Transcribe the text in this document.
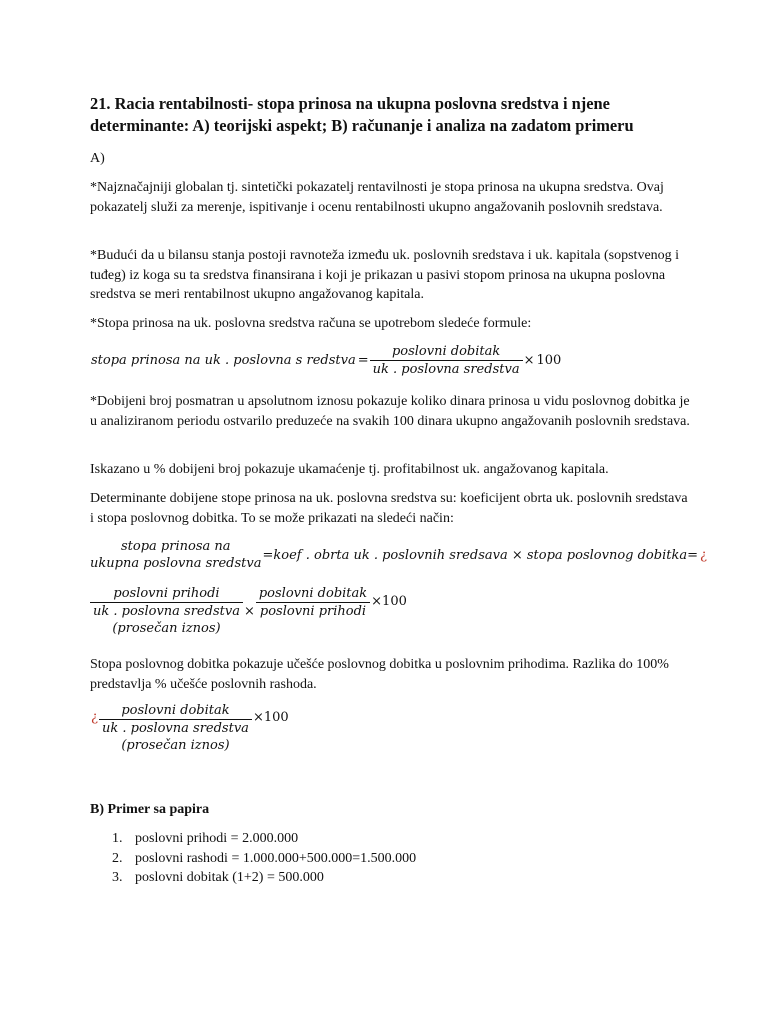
21. Racia rentabilnosti- stopa prinosa na ukupna poslovna sredstva i njene determinante: A) teorijski aspekt; B) računanje i analiza na zadatom primeru

A)

*Najznačajniji globalan tj. sintetički pokazatelj rentavilnosti je stopa prinosa na ukupna sredstva. Ovaj pokazatelj služi za merenje, ispitivanje i ocenu rentabilnosti ukupno angažovanih poslovnih sredstava.

*Budući da u bilansu stanja postoji ravnoteža između uk. poslovnih sredstava i uk. kapitala (sopstvenog i tuđeg) iz koga su ta sredstva finansirana i koji je prikazan u pasivi stopom prinosa na ukupna poslovna sredstva se meri rentabilnost ukupno angažovanog kapitala.

*Stopa prinosa na uk. poslovna sredstva računa se upotrebom sledeće formule:

stopa prinosa na uk . poslovna s redstva = $\frac{\text{poslovni dobitak}}{\text{uk . poslovna sredstva}} \times 100$

*Dobijeni broj posmatran u apsolutnom iznosu pokazuje koliko dinara prinosa u vidu poslovnog dobitka je u analiziranom periodu ostvarilo preduzeće na svakih 100 dinara ukupno angažovanih poslovnih sredstava.

Iskazano u % dobijeni broj pokazuje ukamaćenje tj. profitabilnost uk. angažovanog kapitala.

Determinante dobijene stope prinosa na uk. poslovna sredstva su: koeficijent obrta uk. poslovnih sredstava i stopa poslovnog dobitka. To se može prikazati na sledeći način:

stopa prinosa na
ukupna poslovna sredstva
=koef . obrta uk . poslovnih sredsava × stopa poslovnog dobitka= ¿
poslovni prihodi
uk . poslovna sredstva
(prosečan iznos)
× $\frac{\text{poslovni dobitak}}{\text{poslovni prihodi}} \times 100$

Stopa poslovnog dobitka pokazuje učešće poslovnog dobitka u poslovnim prihodima. Razlika do 100% predstavlja % učešće poslovnih rashoda.

¿	poslovni dobitak
uk . poslovna sredstva
(prosečan iznos)
×100
B) Primer sa papira
1. poslovni prihodi = 2.000.000
2. poslovni rashodi = 1.000.000+500.000=1.500.000
3. poslovni dobitak (1+2) = 500.000
